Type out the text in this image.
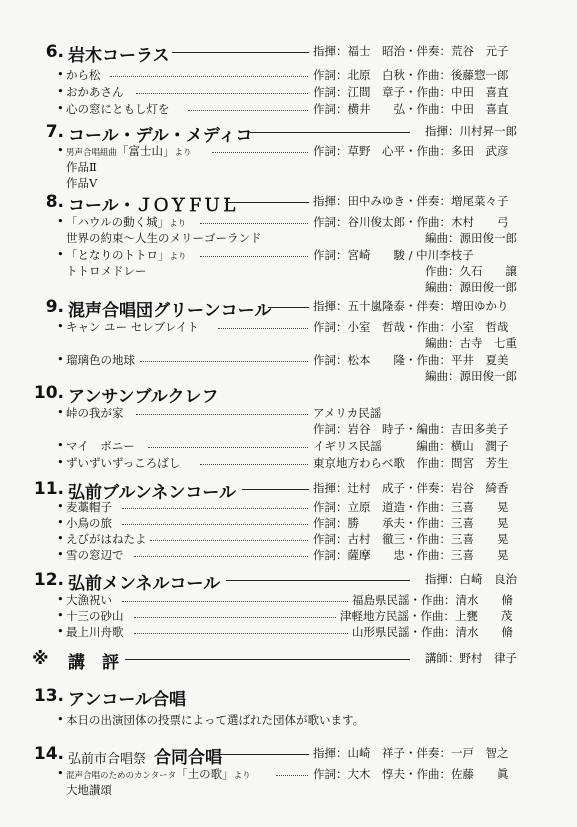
6. 岩木コーラス	指揮：福士　昭治・伴奏：荒谷　元子
• から松	作詞：北原　白秋・作曲：後藤惣一郎
• おかあさん	作詞：江間　章子・作曲：中田　喜直
• 心の窓にともし灯を	作詞：横井　　弘・作曲：中田　喜直
7. コール・デル・メディコ	指揮：川村昇一郎
• 男声合唱組曲「富士山」より	作詞：草野　心平・作曲：多田　武彦
作品Ⅱ
作品Ⅴ
8. コール・ＪＯＹＦＵＬ	指揮：田中みゆき・伴奏：増尾菜々子
• 「ハウルの動く城」より	作詞：谷川俊太郎・作曲：木村　　弓
世界の約束～人生のメリーゴーランド	編曲：源田俊一郎
• 「となりのトトロ」より	作詞：宮崎　　駿 / 中川李枝子
トトロメドレー	作曲：久石　　譲
編曲：源田俊一郎
9. 混声合唱団グリーンコール	指揮：五十嵐隆泰・伴奏：増田ゆかり
• キャン ユー セレブレイト	作詞：小室　哲哉・作曲：小室　哲哉
編曲：古寺　七重
• 瑠璃色の地球	作詞：松本　　隆・作曲：平井　夏美
編曲：源田俊一郎
10. アンサンブルクレフ
• 峠の我が家	アメリカ民謡
作詞：岩谷　時子・編曲：吉田多美子
• マイ　ボニー	イギリス民謡　　　編曲：横山　潤子
• ずいずいずっころばし	東京地方わらべ歌　作曲：間宮　芳生
11. 弘前ブルンネンコール	指揮：辻村　成子・伴奏：岩谷　綺香
• 麦藁帽子	作詞：立原　道造・作曲：三喜　　晃
• 小鳥の旅	作詞：勝　　承夫・作曲：三喜　　晃
• えびがはねたよ	作詞：古村　徹三・作曲：三喜　　晃
• 雪の窓辺で	作詞：薩摩　　忠・作曲：三喜　　晃
12. 弘前メンネルコール	指揮：白崎　良治
• 大漁祝い	福島県民謡・作曲：清水　　脩
• 十三の砂山	津軽地方民謡・作曲：上甕　　茂
• 最上川舟歌	山形県民謡・作曲：清水　　脩
※	講　評	講師：野村　律子
13. アンコール合唱
• 本日の出演団体の投票によって選ばれた団体が歌います。
14. 弘前市合唱祭 合同合唱	指揮：山崎　祥子・伴奏：一戸　智之
• 混声合唱のためのカンタータ「土の歌」より	作詞：大木　惇夫・作曲：佐藤　　眞
大地讃頌
